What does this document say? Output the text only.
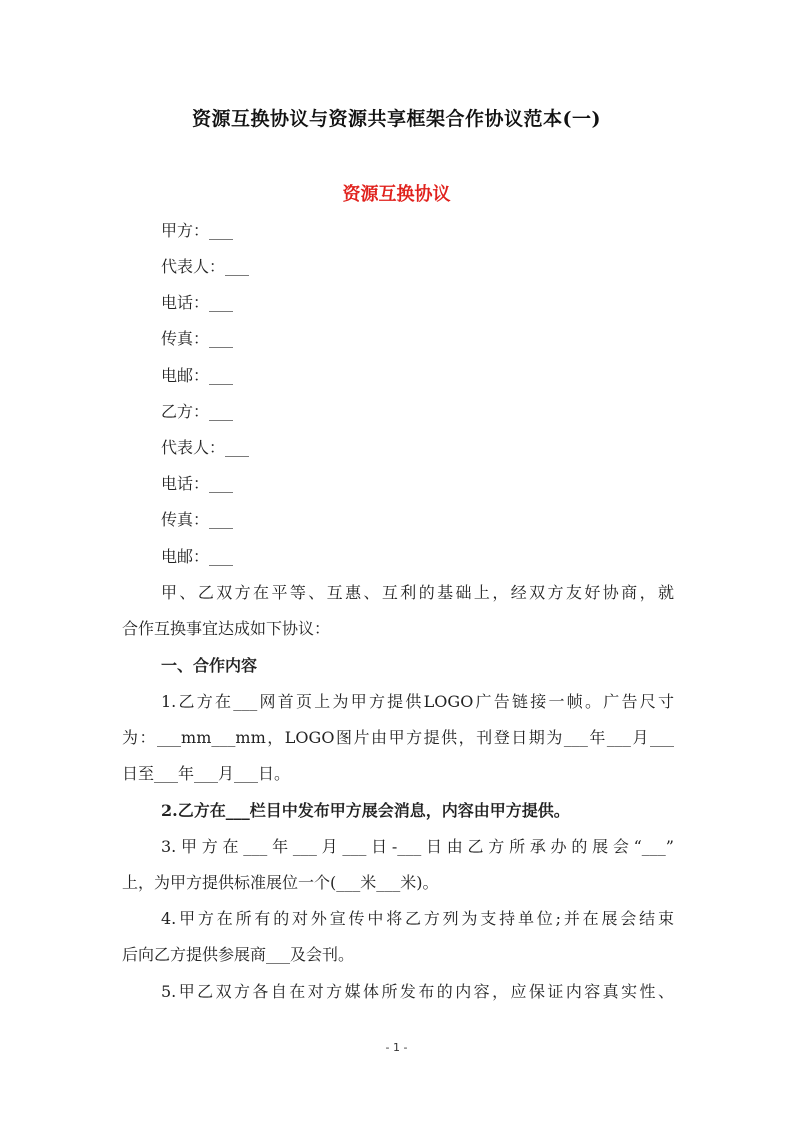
资源互换协议与资源共享框架合作协议范本(一)
资源互换协议
甲方：___
代表人：___
电话：___
传真：___
电邮：___
乙方：___
代表人：___
电话：___
传真：___
电邮：___
甲、乙双方在平等、互惠、互利的基础上，经双方友好协商，就
合作互换事宜达成如下协议：
一、合作内容
1.乙方在___网首页上为甲方提供LOGO广告链接一帧。广告尺寸
为：___mm___mm，LOGO图片由甲方提供，刊登日期为___年___月___
日至___年___月___日。
2.乙方在___栏目中发布甲方展会消息，内容由甲方提供。
3.甲方在___年___月___日-___日由乙方所承办的展会“___”
上，为甲方提供标准展位一个(___米___米)。
4.甲方在所有的对外宣传中将乙方列为支持单位;并在展会结束
后向乙方提供参展商___及会刊。
5.甲乙双方各自在对方媒体所发布的内容，应保证内容真实性、
- 1 -
